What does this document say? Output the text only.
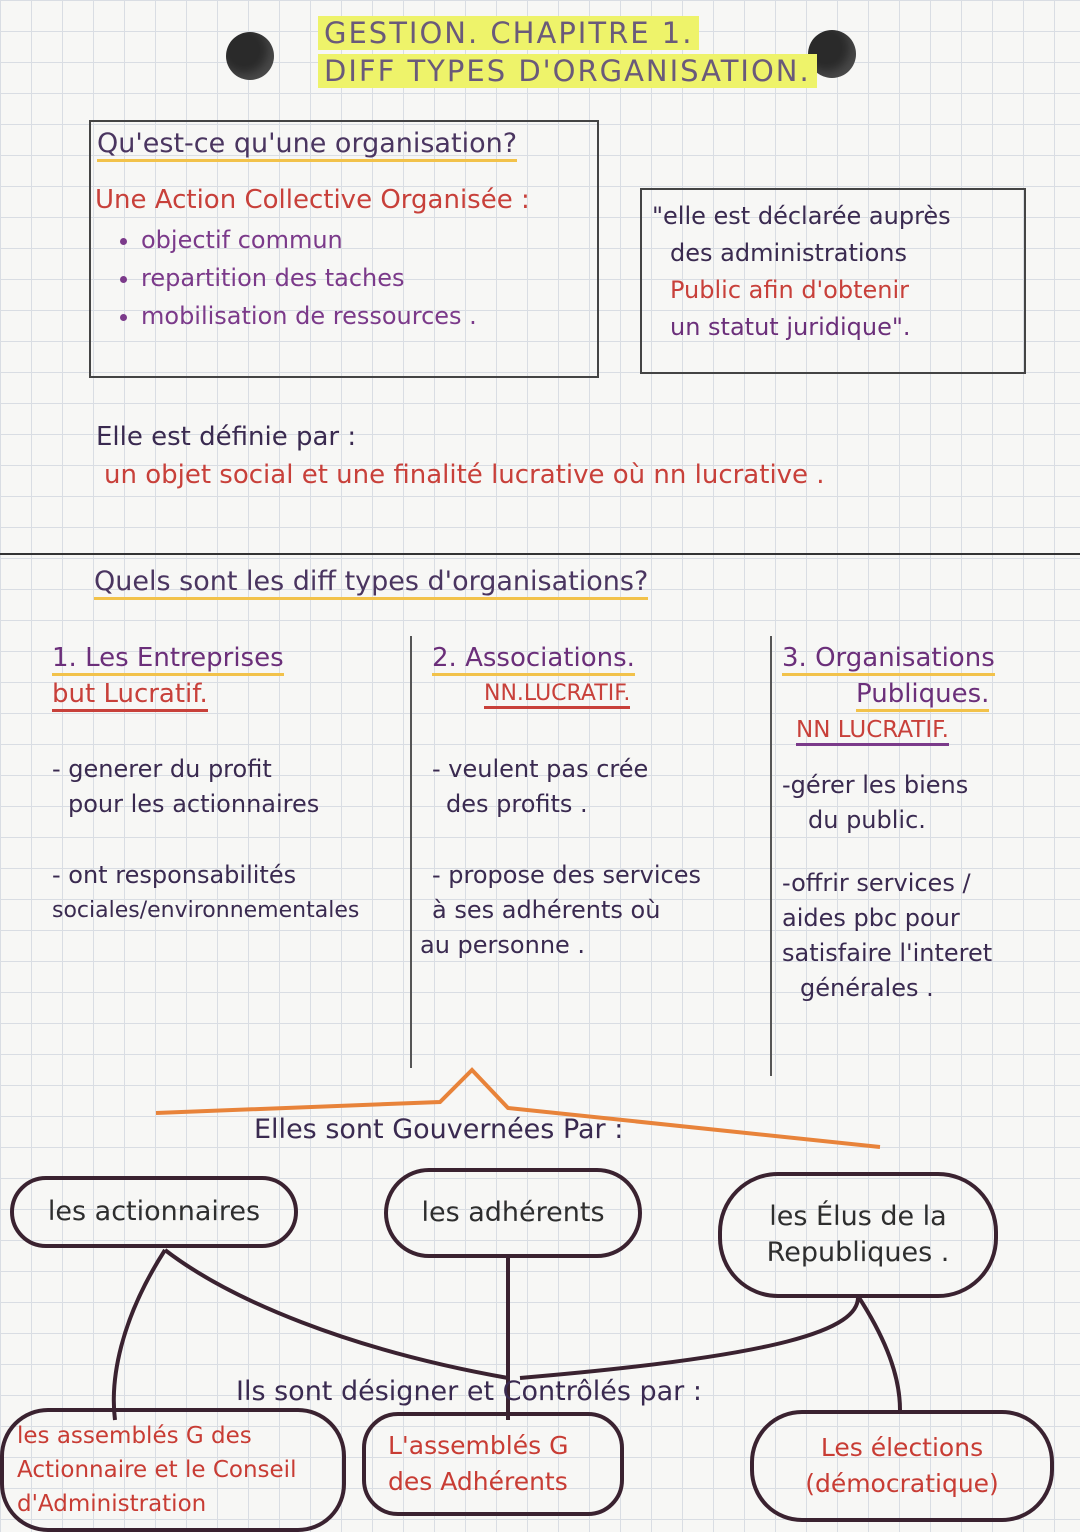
GESTION. CHAPITRE 1.
DIFF TYPES D'ORGANISATION.
Qu'est-ce qu'une organisation?
Une Action Collective Organisée :
• objectif commun
• repartition des taches
• mobilisation de ressources .
"elle est déclarée auprès
des administrations
Public afin d'obtenir
un statut juridique".
Elle est définie par :
un objet social et une finalité lucrative où nn lucrative .
Quels sont les diff types d'organisations?
1. Les Entreprises
but Lucratif.
- generer du profit
pour les actionnaires
- ont responsabilités
sociales/environnementales
2. Associations.
NN.LUCRATIF.
- veulent pas crée
des profits .
- propose des services
à ses adhérents où
au personne .
3. Organisations
Publiques.
NN LUCRATIF.
-gérer les biens
du public.
-offrir services /
aides pbc pour
satisfaire l'interet
générales .
Elles sont Gouvernées Par :
les actionnaires	les adhérents	les Élus de la Republiques .
Ils sont désigner et Contrôlés par :
les assemblés G des Actionnaire et le Conseil d'Administration
L'assemblés G des Adhérents
Les élections (démocratique)
